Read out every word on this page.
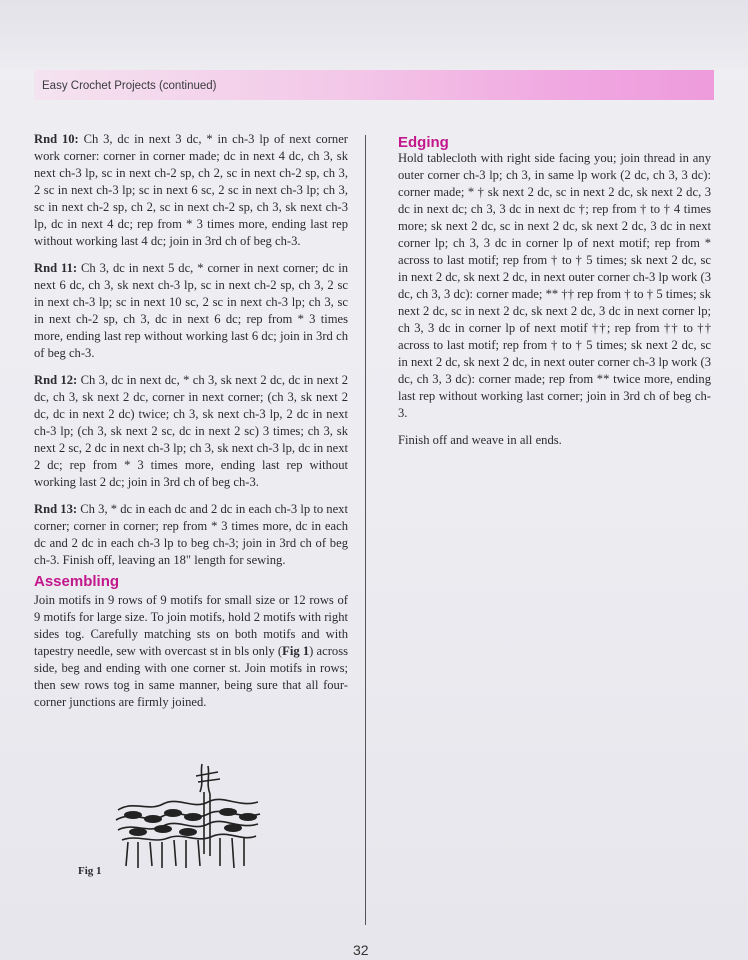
Easy Crochet Projects (continued)

Rnd 10: Ch 3, dc in next 3 dc, * in ch-3 lp of next corner work corner: corner in corner made; dc in next 4 dc, ch 3, sk next ch-3 lp, sc in next ch-2 sp, ch 2, sc in next ch-2 sp, ch 3, 2 sc in next ch-3 lp; sc in next 6 sc, 2 sc in next ch-3 lp; ch 3, sc in next ch-2 sp, ch 2, sc in next ch-2 sp, ch 3, sk next ch-3 lp, dc in next 4 dc; rep from * 3 times more, ending last rep without working last 4 dc; join in 3rd ch of beg ch-3.

Rnd 11: Ch 3, dc in next 5 dc, * corner in next corner; dc in next 6 dc, ch 3, sk next ch-3 lp, sc in next ch-2 sp, ch 3, 2 sc in next ch-3 lp; sc in next 10 sc, 2 sc in next ch-3 lp; ch 3, sc in next ch-2 sp, ch 3, dc in next 6 dc; rep from * 3 times more, ending last rep without working last 6 dc; join in 3rd ch of beg ch-3.

Rnd 12: Ch 3, dc in next dc, * ch 3, sk next 2 dc, dc in next 2 dc, ch 3, sk next 2 dc, corner in next corner; (ch 3, sk next 2 dc, dc in next 2 dc) twice; ch 3, sk next ch-3 lp, 2 dc in next ch-3 lp; (ch 3, sk next 2 sc, dc in next 2 sc) 3 times; ch 3, sk next 2 sc, 2 dc in next ch-3 lp; ch 3, sk next ch-3 lp, dc in next 2 dc; rep from * 3 times more, ending last rep without working last 2 dc; join in 3rd ch of beg ch-3.

Rnd 13: Ch 3, * dc in each dc and 2 dc in each ch-3 lp to next corner; corner in corner; rep from * 3 times more, dc in each dc and 2 dc in each ch-3 lp to beg ch-3; join in 3rd ch of beg ch-3. Finish off, leaving an 18" length for sewing.

Assembling

Join motifs in 9 rows of 9 motifs for small size or 12 rows of 9 motifs for large size. To join motifs, hold 2 motifs with right sides tog. Carefully matching sts on both motifs and with tapestry needle, sew with overcast st in bls only (Fig 1) across side, beg and ending with one corner st. Join motifs in rows; then sew rows tog in same manner, being sure that all four-corner junctions are firmly joined.

Fig 1
Edging

Hold tablecloth with right side facing you; join thread in any outer corner ch-3 lp; ch 3, in same lp work (2 dc, ch 3, 3 dc): corner made; * † sk next 2 dc, sc in next 2 dc, sk next 2 dc, 3 dc in next dc; ch 3, 3 dc in next dc †; rep from † to † 4 times more; sk next 2 dc, sc in next 2 dc, sk next 2 dc, 3 dc in next corner lp; ch 3, 3 dc in corner lp of next motif; rep from * across to last motif; rep from † to † 5 times; sk next 2 dc, sc in next 2 dc, sk next 2 dc, in next outer corner ch-3 lp work (3 dc, ch 3, 3 dc): corner made; ** †† rep from † to † 5 times; sk next 2 dc, sc in next 2 dc, sk next 2 dc, 3 dc in next corner lp; ch 3, 3 dc in corner lp of next motif ††; rep from †† to †† across to last motif; rep from † to † 5 times; sk next 2 dc, sc in next 2 dc, sk next 2 dc, in next outer corner ch-3 lp work (3 dc, ch 3, 3 dc): corner made; rep from ** twice more, ending last rep without working last corner; join in 3rd ch of beg ch-3.

Finish off and weave in all ends.

32
